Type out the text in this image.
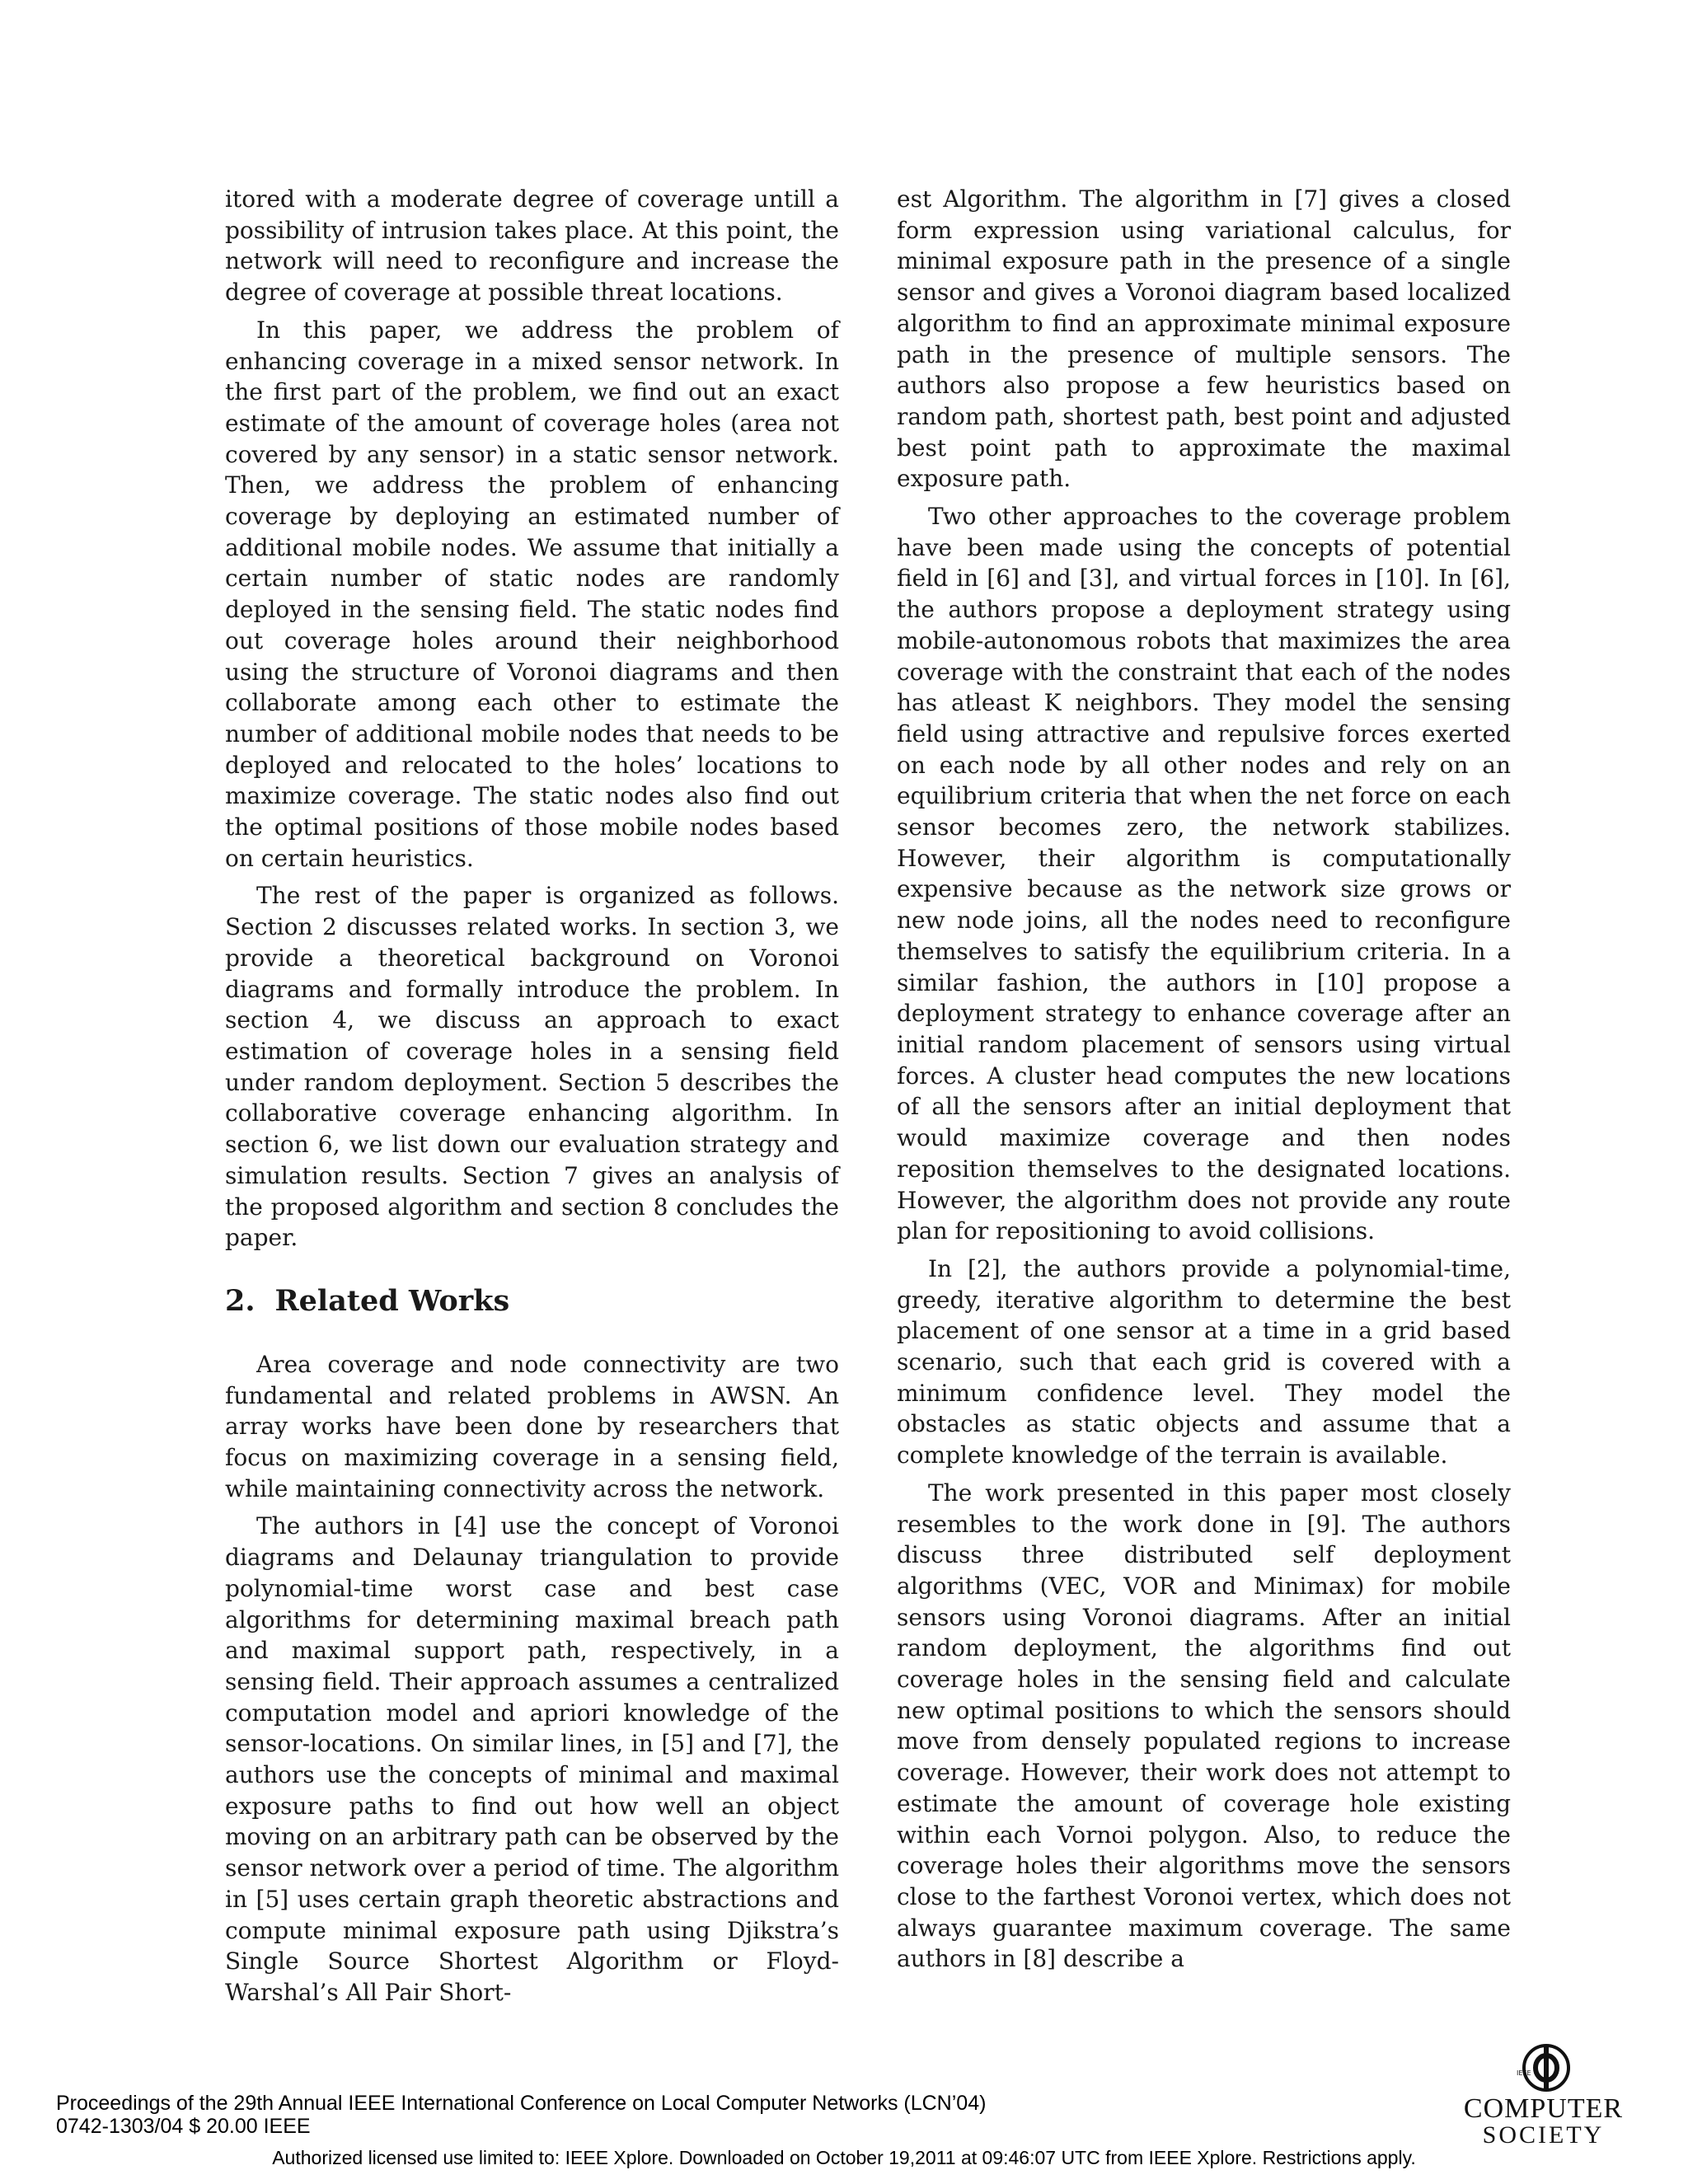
itored with a moderate degree of coverage untill a possibility of intrusion takes place. At this point, the network will need to reconfigure and increase the degree of coverage at possible threat locations.

In this paper, we address the problem of enhancing coverage in a mixed sensor network. In the first part of the problem, we find out an exact estimate of the amount of coverage holes (area not covered by any sensor) in a static sensor network. Then, we address the problem of enhancing coverage by deploying an estimated number of additional mobile nodes. We assume that initially a certain number of static nodes are randomly deployed in the sensing field. The static nodes find out coverage holes around their neighborhood using the structure of Voronoi diagrams and then collaborate among each other to estimate the number of additional mobile nodes that needs to be deployed and relocated to the holes’ locations to maximize coverage. The static nodes also find out the optimal positions of those mobile nodes based on certain heuristics.

The rest of the paper is organized as follows. Section 2 discusses related works. In section 3, we provide a theoretical background on Voronoi diagrams and formally introduce the problem. In section 4, we discuss an approach to exact estimation of coverage holes in a sensing field under random deployment. Section 5 describes the collaborative coverage enhancing algorithm. In section 6, we list down our evaluation strategy and simulation results. Section 7 gives an analysis of the proposed algorithm and section 8 concludes the paper.

2. Related Works

Area coverage and node connectivity are two fundamental and related problems in AWSN. An array works have been done by researchers that focus on maximizing coverage in a sensing field, while maintaining connectivity across the network.

The authors in [4] use the concept of Voronoi diagrams and Delaunay triangulation to provide polynomial-time worst case and best case algorithms for determining maximal breach path and maximal support path, respectively, in a sensing field. Their approach assumes a centralized computation model and apriori knowledge of the sensor-locations. On similar lines, in [5] and [7], the authors use the concepts of minimal and maximal exposure paths to find out how well an object moving on an arbitrary path can be observed by the sensor network over a period of time. The algorithm in [5] uses certain graph theoretic abstractions and compute minimal exposure path using Djikstra’s Single Source Shortest Algorithm or Floyd-Warshal’s All Pair Short-

est Algorithm. The algorithm in [7] gives a closed form expression using variational calculus, for minimal exposure path in the presence of a single sensor and gives a Voronoi diagram based localized algorithm to find an approximate minimal exposure path in the presence of multiple sensors. The authors also propose a few heuristics based on random path, shortest path, best point and adjusted best point path to approximate the maximal exposure path.

Two other approaches to the coverage problem have been made using the concepts of potential field in [6] and [3], and virtual forces in [10]. In [6], the authors propose a deployment strategy using mobile-autonomous robots that maximizes the area coverage with the constraint that each of the nodes has atleast K neighbors. They model the sensing field using attractive and repulsive forces exerted on each node by all other nodes and rely on an equilibrium criteria that when the net force on each sensor becomes zero, the network stabilizes. However, their algorithm is computationally expensive because as the network size grows or new node joins, all the nodes need to reconfigure themselves to satisfy the equilibrium criteria. In a similar fashion, the authors in [10] propose a deployment strategy to enhance coverage after an initial random placement of sensors using virtual forces. A cluster head computes the new locations of all the sensors after an initial deployment that would maximize coverage and then nodes reposition themselves to the designated locations. However, the algorithm does not provide any route plan for repositioning to avoid collisions.

In [2], the authors provide a polynomial-time, greedy, iterative algorithm to determine the best placement of one sensor at a time in a grid based scenario, such that each grid is covered with a minimum confidence level. They model the obstacles as static objects and assume that a complete knowledge of the terrain is available.

The work presented in this paper most closely resembles to the work done in [9]. The authors discuss three distributed self deployment algorithms (VEC, VOR and Minimax) for mobile sensors using Voronoi diagrams. After an initial random deployment, the algorithms find out coverage holes in the sensing field and calculate new optimal positions to which the sensors should move from densely populated regions to increase coverage. However, their work does not attempt to estimate the amount of coverage hole existing within each Vornoi polygon. Also, to reduce the coverage holes their algorithms move the sensors close to the farthest Voronoi vertex, which does not always guarantee maximum coverage. The same authors in [8] describe a

Proceedings of the 29th Annual IEEE International Conference on Local Computer Networks (LCN’04)
0742-1303/04 $ 20.00 IEEE
IEEE
COMPUTER
SOCIETY
Authorized licensed use limited to: IEEE Xplore. Downloaded on October 19,2011 at 09:46:07 UTC from IEEE Xplore. Restrictions apply.
